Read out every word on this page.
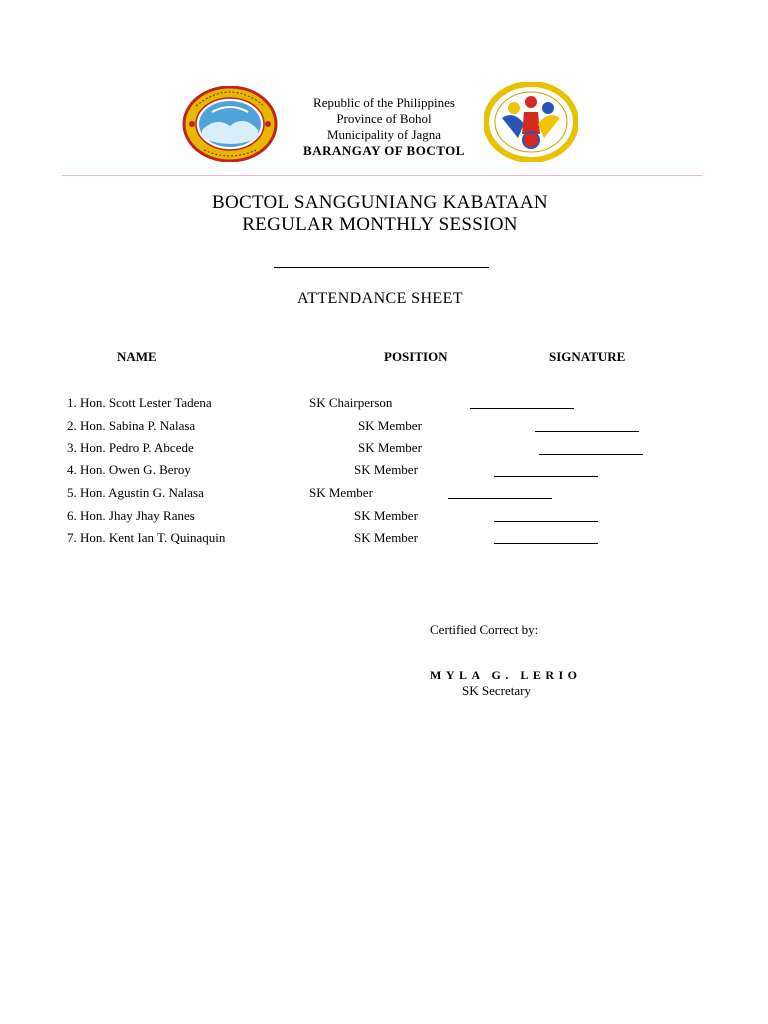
Republic of the Philippines
Province of Bohol
Municipality of Jagna
BARANGAY OF BOCTOL
BOCTOL SANGGUNIANG KABATAAN
REGULAR MONTHLY SESSION
ATTENDANCE SHEET
NAME	POSITION	SIGNATURE
1. Hon. Scott Lester Tadena	SK Chairperson
2. Hon. Sabina P. Nalasa	SK Member
3. Hon. Pedro P. Abcede	SK Member
4. Hon. Owen G. Beroy	SK Member
5. Hon. Agustin G. Nalasa	SK Member
6. Hon. Jhay Jhay Ranes	SK Member
7. Hon. Kent Ian T. Quinaquin	SK Member
Certified Correct by:
MYLA G. LERIO
SK Secretary
